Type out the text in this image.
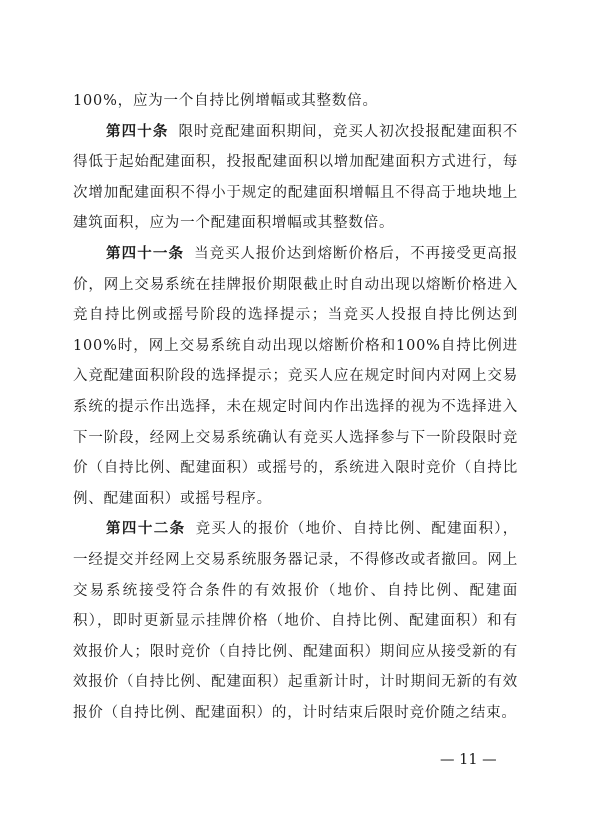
100%，应为一个自持比例增幅或其整数倍。

第四十条 限时竞配建面积期间，竞买人初次投报配建面积不得低于起始配建面积，投报配建面积以增加配建面积方式进行，每次增加配建面积不得小于规定的配建面积增幅且不得高于地块地上建筑面积，应为一个配建面积增幅或其整数倍。

第四十一条 当竞买人报价达到熔断价格后，不再接受更高报价，网上交易系统在挂牌报价期限截止时自动出现以熔断价格进入竞自持比例或摇号阶段的选择提示；当竞买人投报自持比例达到100%时，网上交易系统自动出现以熔断价格和100%自持比例进入竞配建面积阶段的选择提示；竞买人应在规定时间内对网上交易系统的提示作出选择，未在规定时间内作出选择的视为不选择进入下一阶段，经网上交易系统确认有竞买人选择参与下一阶段限时竞价（自持比例、配建面积）或摇号的，系统进入限时竞价（自持比例、配建面积）或摇号程序。

第四十二条 竞买人的报价（地价、自持比例、配建面积），一经提交并经网上交易系统服务器记录，不得修改或者撤回。网上交易系统接受符合条件的有效报价（地价、自持比例、配建面积），即时更新显示挂牌价格（地价、自持比例、配建面积）和有效报价人；限时竞价（自持比例、配建面积）期间应从接受新的有效报价（自持比例、配建面积）起重新计时，计时期间无新的有效报价（自持比例、配建面积）的，计时结束后限时竞价随之结束。

— 11 —
